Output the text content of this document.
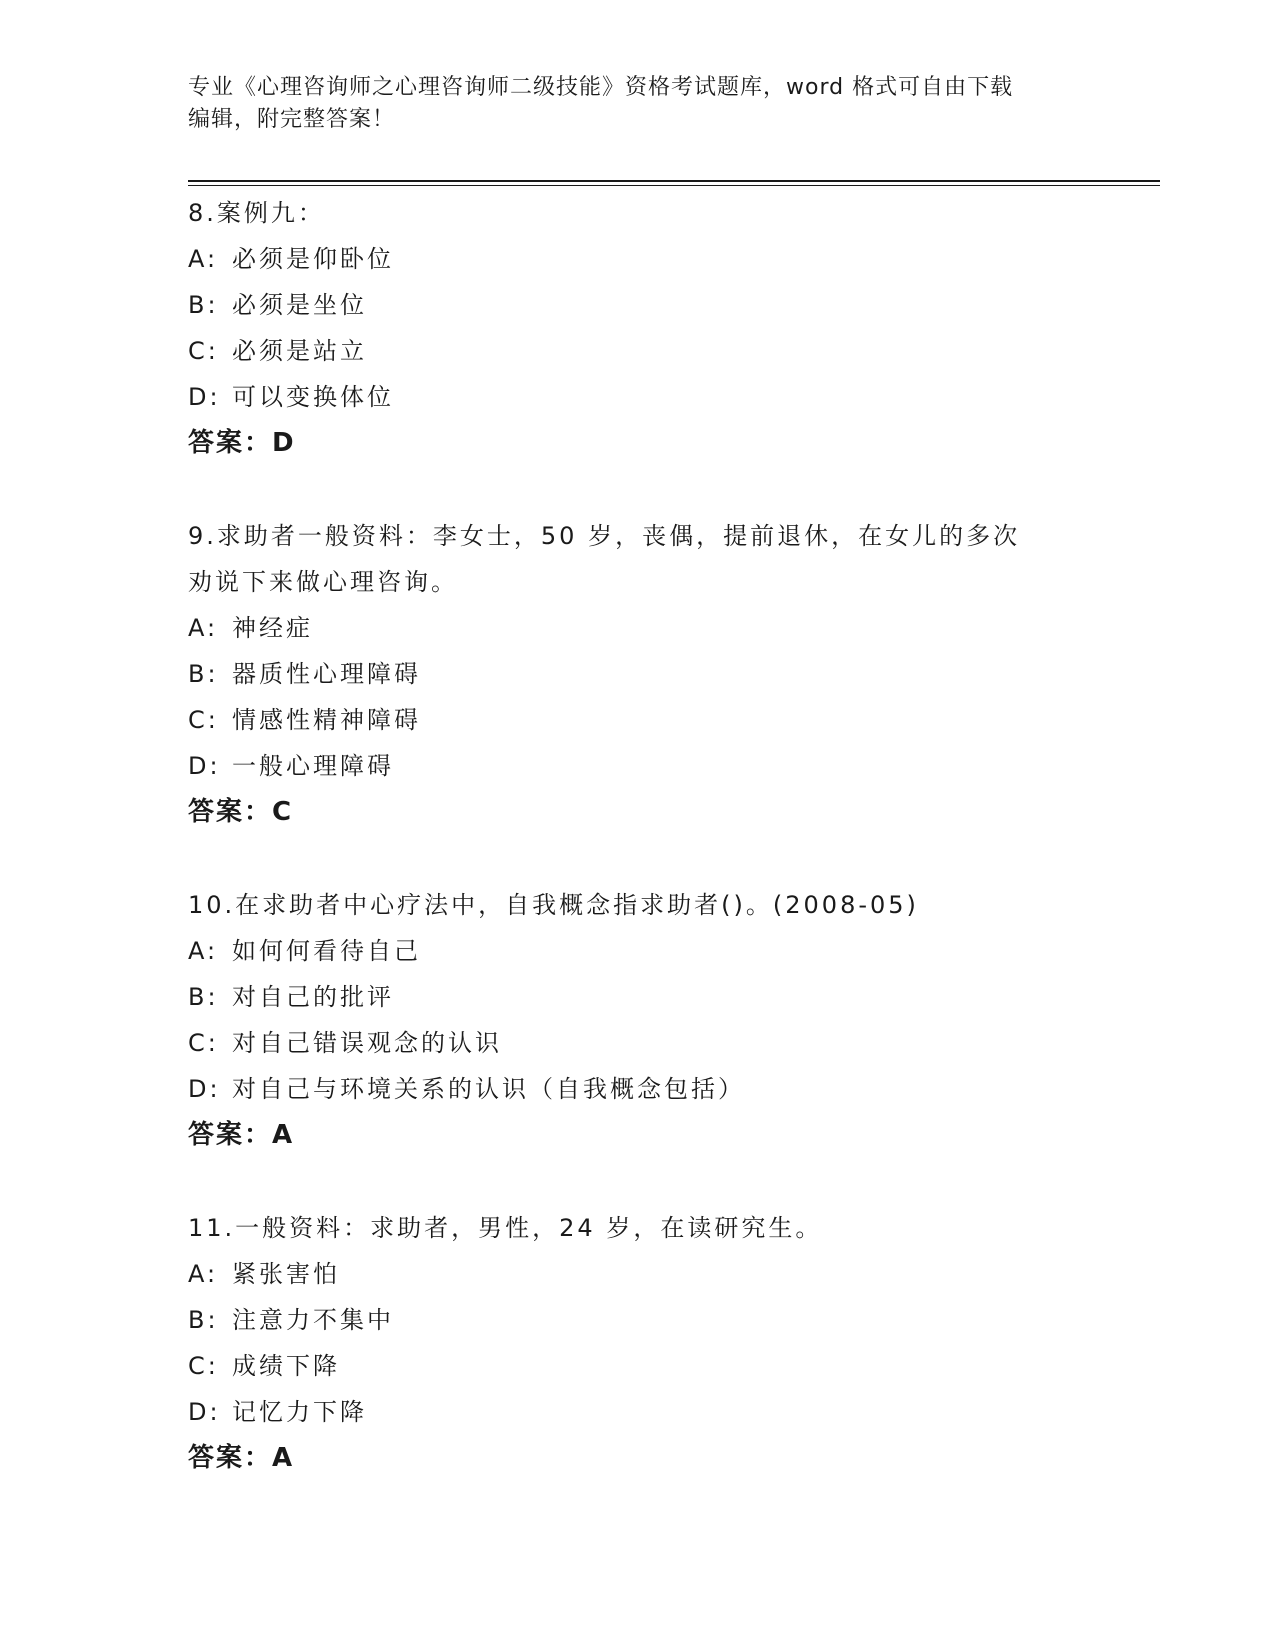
专业《心理咨询师之心理咨询师二级技能》资格考试题库，word 格式可自由下载
编辑，附完整答案！
8.案例九：
A: 必须是仰卧位
B: 必须是坐位
C: 必须是站立
D: 可以变换体位
答案：D
9.求助者一般资料：李女士，50 岁，丧偶，提前退休，在女儿的多次
劝说下来做心理咨询。
A: 神经症
B: 器质性心理障碍
C: 情感性精神障碍
D: 一般心理障碍
答案：C
10.在求助者中心疗法中，自我概念指求助者()。(2008-05)
A: 如何何看待自己
B: 对自己的批评
C: 对自己错误观念的认识
D: 对自己与环境关系的认识（自我概念包括）
答案：A
11.一般资料：求助者，男性，24 岁，在读研究生。
A: 紧张害怕
B: 注意力不集中
C: 成绩下降
D: 记忆力下降
答案：A
